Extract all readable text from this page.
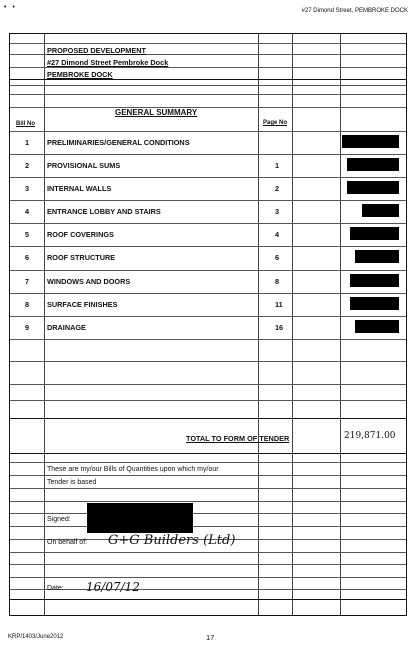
• •	#27 Dimond Street, PEMBROKE DOCK
PROPOSED DEVELOPMENT
#27 Dimond Street Pembroke Dock
PEMBROKE DOCK
GENERAL SUMMARY
Bill No	Page No
1 PRELIMINARIES/GENERAL CONDITIONS
2 PROVISIONAL SUMS	1
3 INTERNAL WALLS	2
4 ENTRANCE LOBBY AND STAIRS	3
5 ROOF COVERINGS	4
6 ROOF STRUCTURE	6
7 WINDOWS AND DOORS	8
8 SURFACE FINISHES	11
9 DRAINAGE	16
TOTAL TO FORM OF TENDER	219,871.00
These are my/our Bills of Quantities upon which my/our
Tender is based
Signed:
On behalf of: G+G Builders (Ltd)
Date: 16/07/12
KRP/1403/June2012	17
